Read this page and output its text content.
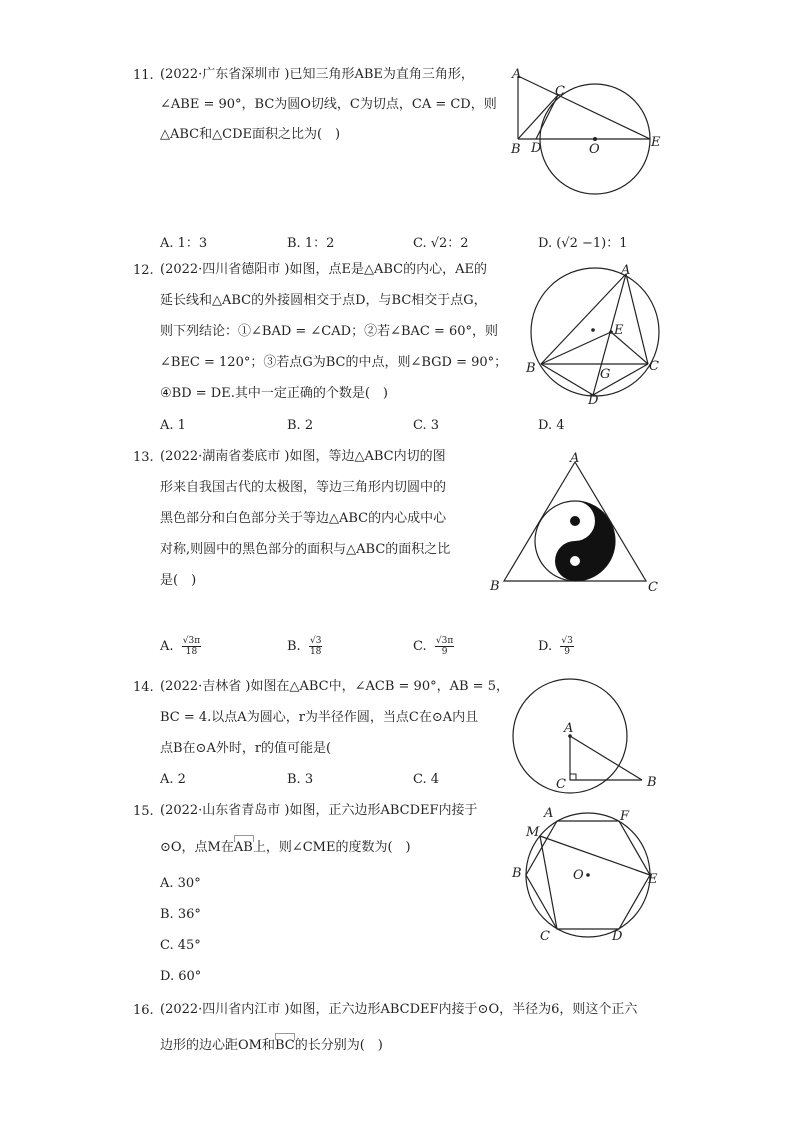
11. (2022·广东省深圳市 )已知三角形ABE为直角三角形，
∠ABE = 90°，BC为圆O切线，C为切点，CA = CD，则
△ABC和△CDE面积之比为(　)
A
C
B D	O	E
A. 1：3	B. 1：2	C. √2：2	D. (√2 −1)：1
12. (2022·四川省德阳市 )如图，点E是△ABC的内心，AE的
延长线和△ABC的外接圆相交于点D，与BC相交于点G，
则下列结论：①∠BAD = ∠CAD；②若∠BAC = 60°，则
∠BEC = 120°；③若点G为BC的中点，则∠BGD = 90°；
④BD = DE.其中一定正确的个数是(　)
A
E
B	C
G
D
A. 1	B. 2	C. 3	D. 4
13. (2022·湖南省娄底市 )如图，等边△ABC内切的图
形来自我国古代的太极图，等边三角形内切圆中的
黑色部分和白色部分关于等边△ABC的内心成中心
对称,则圆中的黑色部分的面积与△ABC的面积之比
是(　)
A
B	C
A. $\frac{√3\pi}{18}$	B. $\frac{√3}{18}$	C. $\frac{√3\pi}{9}$	D. $\frac{√3}{9}$
14. (2022·吉林省 )如图在△ABC中，∠ACB = 90°，AB = 5，
BC = 4.以点A为圆心，r为半径作圆，当点C在⊙A内且
点B在⊙A外时，r的值可能是(
A
C	B
A. 2	B. 3	C. 4
15. (2022·山东省青岛市 )如图，正六边形ABCDEF内接于
⊙O，点M在
AB上，则∠CME的度数为(　)
A. 30°
B. 36°
C. 45°
D. 60°
A	F
M
B	O	E
C	D
16. (2022·四川省内江市 )如图，正六边形ABCDEF内接于⊙O，半径为6，则这个正六
边形的边心距OM和
BC的长分别为(　)
